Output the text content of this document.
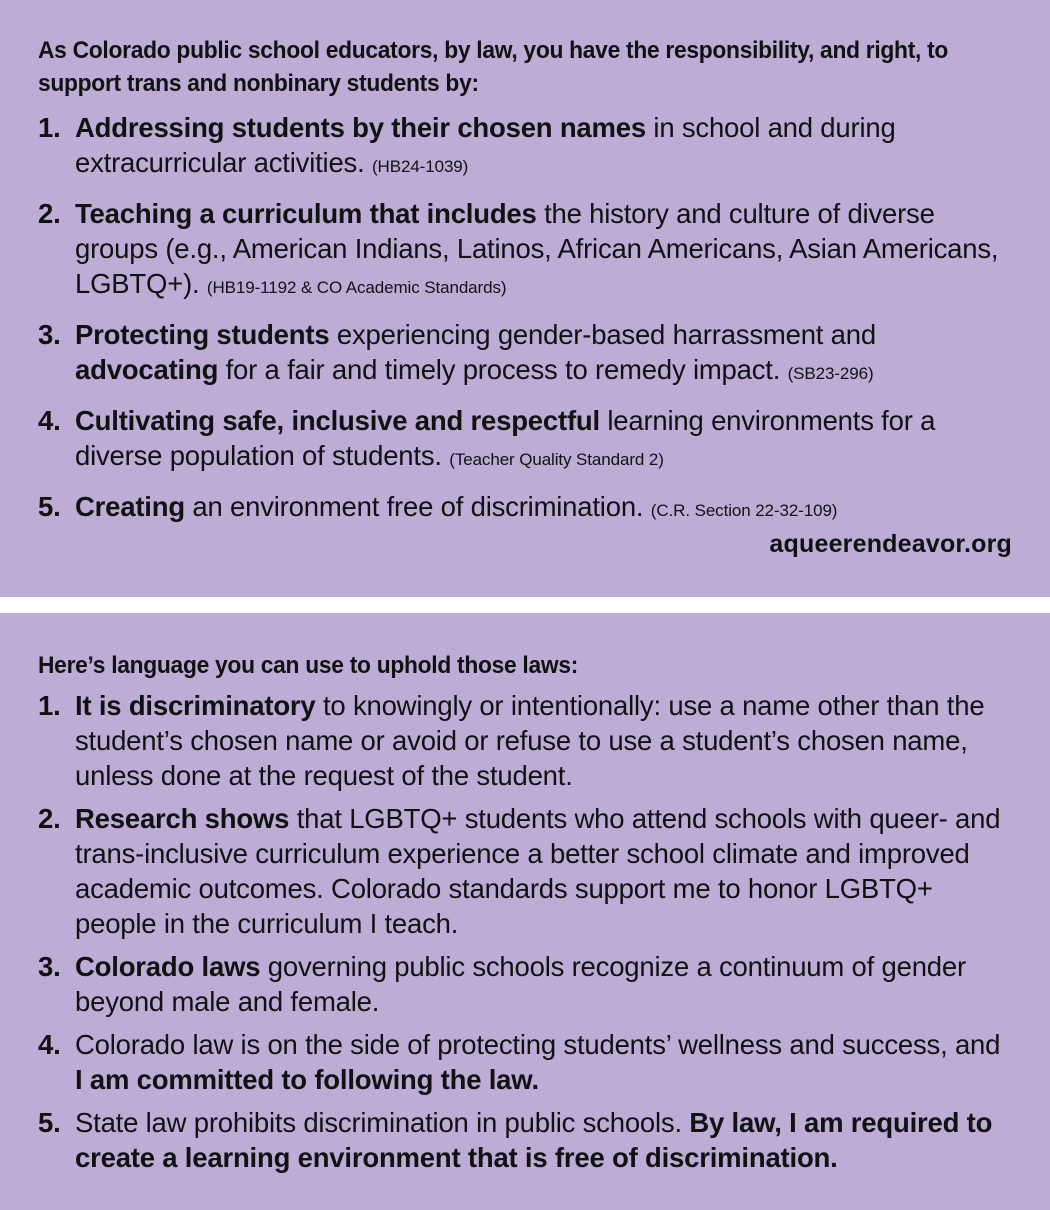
As Colorado public school educators, by law, you have the responsibility, and right, to support trans and nonbinary students by:
1. Addressing students by their chosen names in school and during extracurricular activities. (HB24-1039)
2. Teaching a curriculum that includes the history and culture of diverse groups (e.g., American Indians, Latinos, African Americans, Asian Americans, LGBTQ+). (HB19-1192 & CO Academic Standards)
3. Protecting students experiencing gender-based harrassment and advocating for a fair and timely process to remedy impact. (SB23-296)
4. Cultivating safe, inclusive and respectful learning environments for a diverse population of students. (Teacher Quality Standard 2)
5. Creating an environment free of discrimination. (C.R. Section 22-32-109)
aqueerendeavor.org
Here’s language you can use to uphold those laws:
1. It is discriminatory to knowingly or intentionally: use a name other than the student’s chosen name or avoid or refuse to use a student’s chosen name, unless done at the request of the student.
2. Research shows that LGBTQ+ students who attend schools with queer- and trans-inclusive curriculum experience a better school climate and improved academic outcomes. Colorado standards support me to honor LGBTQ+ people in the curriculum I teach.
3. Colorado laws governing public schools recognize a continuum of gender beyond male and female.
4. Colorado law is on the side of protecting students’ wellness and success, and I am committed to following the law.
5. State law prohibits discrimination in public schools. By law, I am required to create a learning environment that is free of discrimination.
